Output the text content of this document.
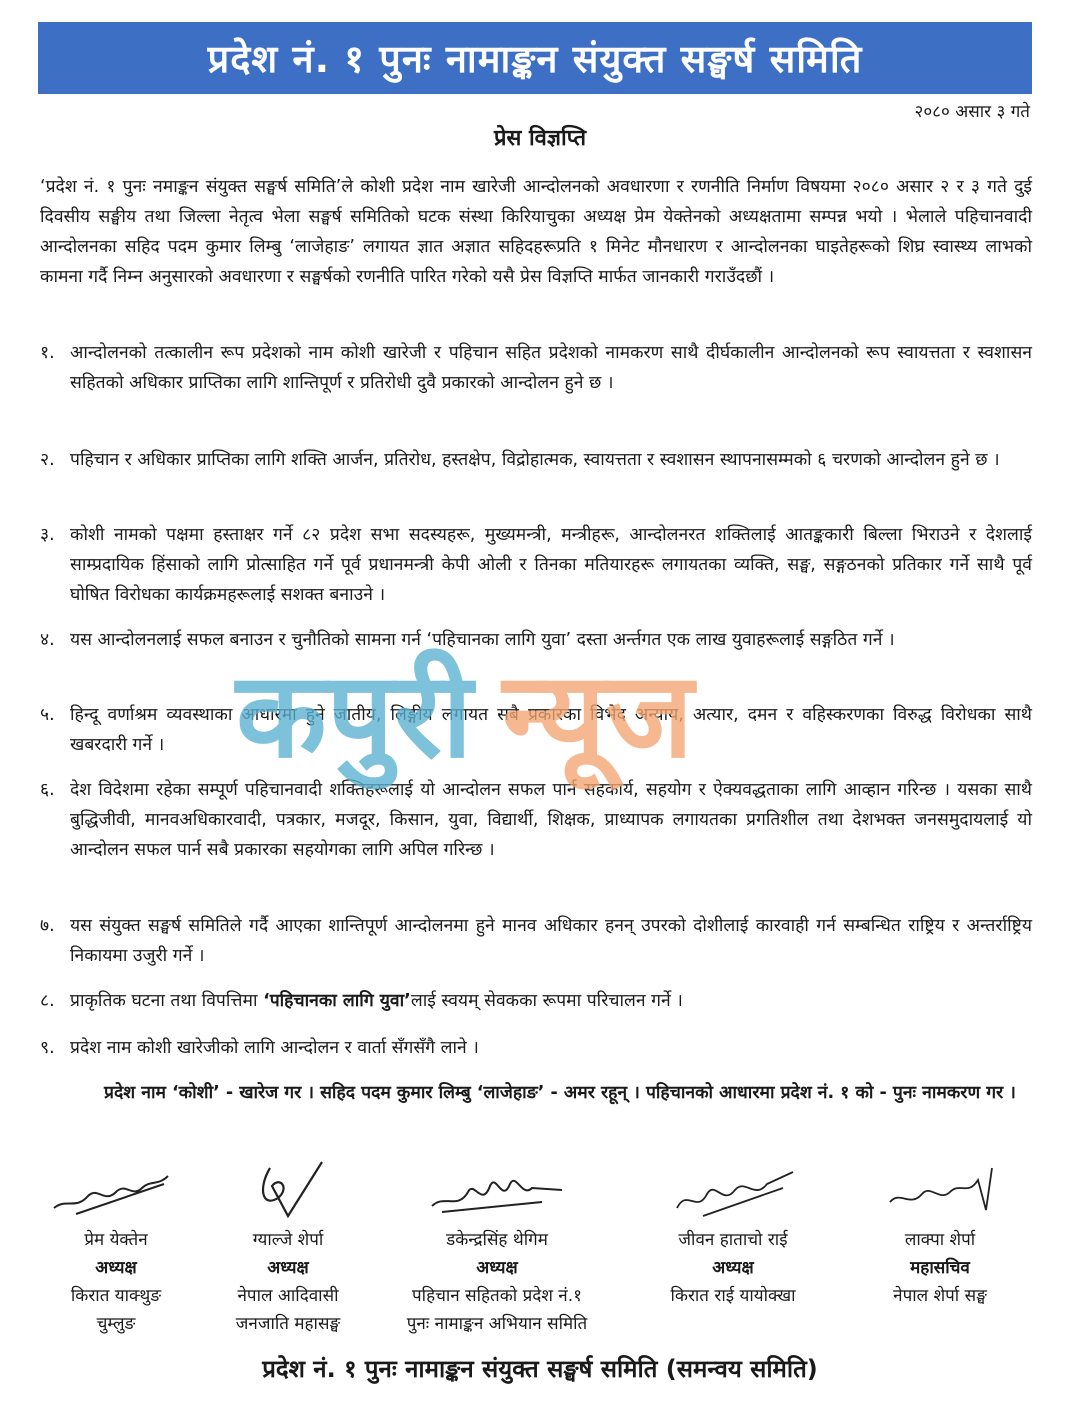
प्रदेश नं. १ पुनः नामाङ्कन संयुक्त सङ्घर्ष समिति
२०८० असार ३ गते
प्रेस विज्ञप्ति

‘प्रदेश नं. १ पुनः नमाङ्कन संयुक्त सङ्घर्ष समिति’ले कोशी प्रदेश नाम खारेजी आन्दोलनको अवधारणा र रणनीति निर्माण विषयमा २०८० असार २ र ३ गते दुई दिवसीय सङ्घीय तथा जिल्ला नेतृत्व भेला सङ्घर्ष समितिको घटक संस्था किरियाचुका अध्यक्ष प्रेम येक्तेनको अध्यक्षतामा सम्पन्न भयो । भेलाले पहिचानवादी आन्दोलनका सहिद पदम कुमार लिम्बु ‘लाजेहाङ’ लगायत ज्ञात अज्ञात सहिदहरूप्रति १ मिनेट मौनधारण र आन्दोलनका घाइतेहरूको शिघ्र स्वास्थ्य लाभको कामना गर्दै निम्न अनुसारको अवधारणा र सङ्घर्षको रणनीति पारित गरेको यसै प्रेस विज्ञप्ति मार्फत जानकारी गराउँदछौं ।

१. आन्दोलनको तत्कालीन रूप प्रदेशको नाम कोशी खारेजी र पहिचान सहित प्रदेशको नामकरण साथै दीर्घकालीन आन्दोलनको रूप स्वायत्तता र स्वशासन सहितको अधिकार प्राप्तिका लागि शान्तिपूर्ण र प्रतिरोधी दुवै प्रकारको आन्दोलन हुने छ ।
२. पहिचान र अधिकार प्राप्तिका लागि शक्ति आर्जन, प्रतिरोध, हस्तक्षेप, विद्रोहात्मक, स्वायत्तता र स्वशासन स्थापनासम्मको ६ चरणको आन्दोलन हुने छ ।
३. कोशी नामको पक्षमा हस्ताक्षर गर्ने ८२ प्रदेश सभा सदस्यहरू, मुख्यमन्त्री, मन्त्रीहरू, आन्दोलनरत शक्तिलाई आतङ्ककारी बिल्ला भिराउने र देशलाई साम्प्रदायिक हिंसाको लागि प्रोत्साहित गर्ने पूर्व प्रधानमन्त्री केपी ओली र तिनका मतियारहरू लगायतका व्यक्ति, सङ्घ, सङ्गठनको प्रतिकार गर्ने साथै पूर्व घोषित विरोधका कार्यक्रमहरूलाई सशक्त बनाउने ।
४. यस आन्दोलनलाई सफल बनाउन र चुनौतिको सामना गर्न ‘पहिचानका लागि युवा’ दस्ता अर्न्तगत एक लाख युवाहरूलाई सङ्गठित गर्ने ।
५. हिन्दू वर्णाश्रम व्यवस्थाका आधारमा हुने जातीय, लिङ्गीय लगायत सबै प्रकारका विभेद अन्याय, अत्यार, दमन र वहिस्करणका विरुद्ध विरोधका साथै खबरदारी गर्ने ।
६. देश विदेशमा रहेका सम्पूर्ण पहिचानवादी शक्तिहरूलाई यो आन्दोलन सफल पार्न सहकार्य, सहयोग र ऐक्यवद्धताका लागि आव्हान गरिन्छ । यसका साथै बुद्धिजीवी, मानवअधिकारवादी, पत्रकार, मजदूर, किसान, युवा, विद्यार्थी, शिक्षक, प्राध्यापक लगायतका प्रगतिशील तथा देशभक्त जनसमुदायलाई यो आन्दोलन सफल पार्न सबै प्रकारका सहयोगका लागि अपिल गरिन्छ ।
७. यस संयुक्त सङ्घर्ष समितिले गर्दै आएका शान्तिपूर्ण आन्दोलनमा हुने मानव अधिकार हनन् उपरको दोशीलाई कारवाही गर्न सम्बन्धित राष्ट्रिय र अन्तर्राष्ट्रिय निकायमा उजुरी गर्ने ।
८. प्राकृतिक घटना तथा विपत्तिमा ‘पहिचानका लागि युवा’लाई स्वयम् सेवकका रूपमा परिचालन गर्ने ।
९. प्रदेश नाम कोशी खारेजीको लागि आन्दोलन र वार्ता सँगसँगै लाने ।

प्रदेश नाम ‘कोशी’ - खारेज गर । सहिद पदम कुमार लिम्बु ‘लाजेहाङ’ - अमर रहून् । पहिचानको आधारमा प्रदेश नं. १ को - पुनः नामकरण गर ।

प्रेम येक्तेन
अध्यक्ष
किरात याक्थुङ
चुम्लुङ
ग्याल्जे शेर्पा
अध्यक्ष
नेपाल आदिवासी
जनजाति महासङ्घ
डकेन्द्रसिंह थेगिम
अध्यक्ष
पहिचान सहितको प्रदेश नं.१
पुनः नामाङ्कन अभियान समिति
जीवन हाताचो राई
अध्यक्ष
किरात राई यायोक्खा
लाक्पा शेर्पा
महासचिव
नेपाल शेर्पा सङ्घ
प्रदेश नं. १ पुनः नामाङ्कन संयुक्त सङ्घर्ष समिति (समन्वय समिति)
कपुरी न्यूज
